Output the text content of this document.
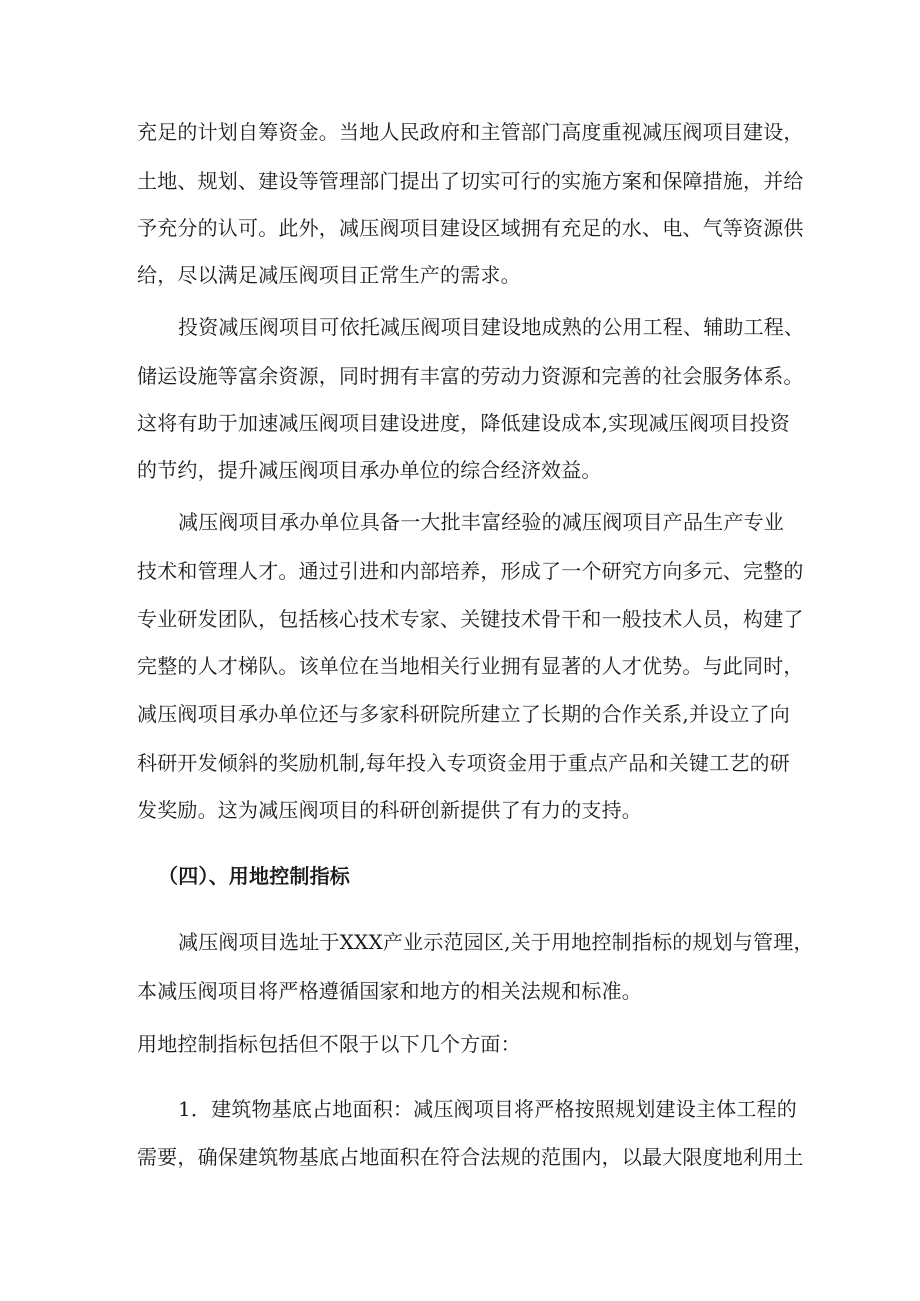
充足的计划自筹资金。当地人民政府和主管部门高度重视减压阀项目建设，
土地、规划、建设等管理部门提出了切实可行的实施方案和保障措施，并给
予充分的认可。此外，减压阀项目建设区域拥有充足的水、电、气等资源供
给，尽以满足减压阀项目正常生产的需求。
投资减压阀项目可依托减压阀项目建设地成熟的公用工程、辅助工程、
储运设施等富余资源，同时拥有丰富的劳动力资源和完善的社会服务体系。
这将有助于加速减压阀项目建设进度，降低建设成本,实现减压阀项目投资
的节约，提升减压阀项目承办单位的综合经济效益。
减压阀项目承办单位具备一大批丰富经验的减压阀项目产品生产专业
技术和管理人才。通过引进和内部培养，形成了一个研究方向多元、完整的
专业研发团队，包括核心技术专家、关键技术骨干和一般技术人员，构建了
完整的人才梯队。该单位在当地相关行业拥有显著的人才优势。与此同时，
减压阀项目承办单位还与多家科研院所建立了长期的合作关系,并设立了向
科研开发倾斜的奖励机制,每年投入专项资金用于重点产品和关键工艺的研
发奖励。这为减压阀项目的科研创新提供了有力的支持。
（四）、用地控制指标
减压阀项目选址于XXX产业示范园区,关于用地控制指标的规划与管理，
本减压阀项目将严格遵循国家和地方的相关法规和标准。
用地控制指标包括但不限于以下几个方面：
1．建筑物基底占地面积：减压阀项目将严格按照规划建设主体工程的
需要，确保建筑物基底占地面积在符合法规的范围内，以最大限度地利用土
